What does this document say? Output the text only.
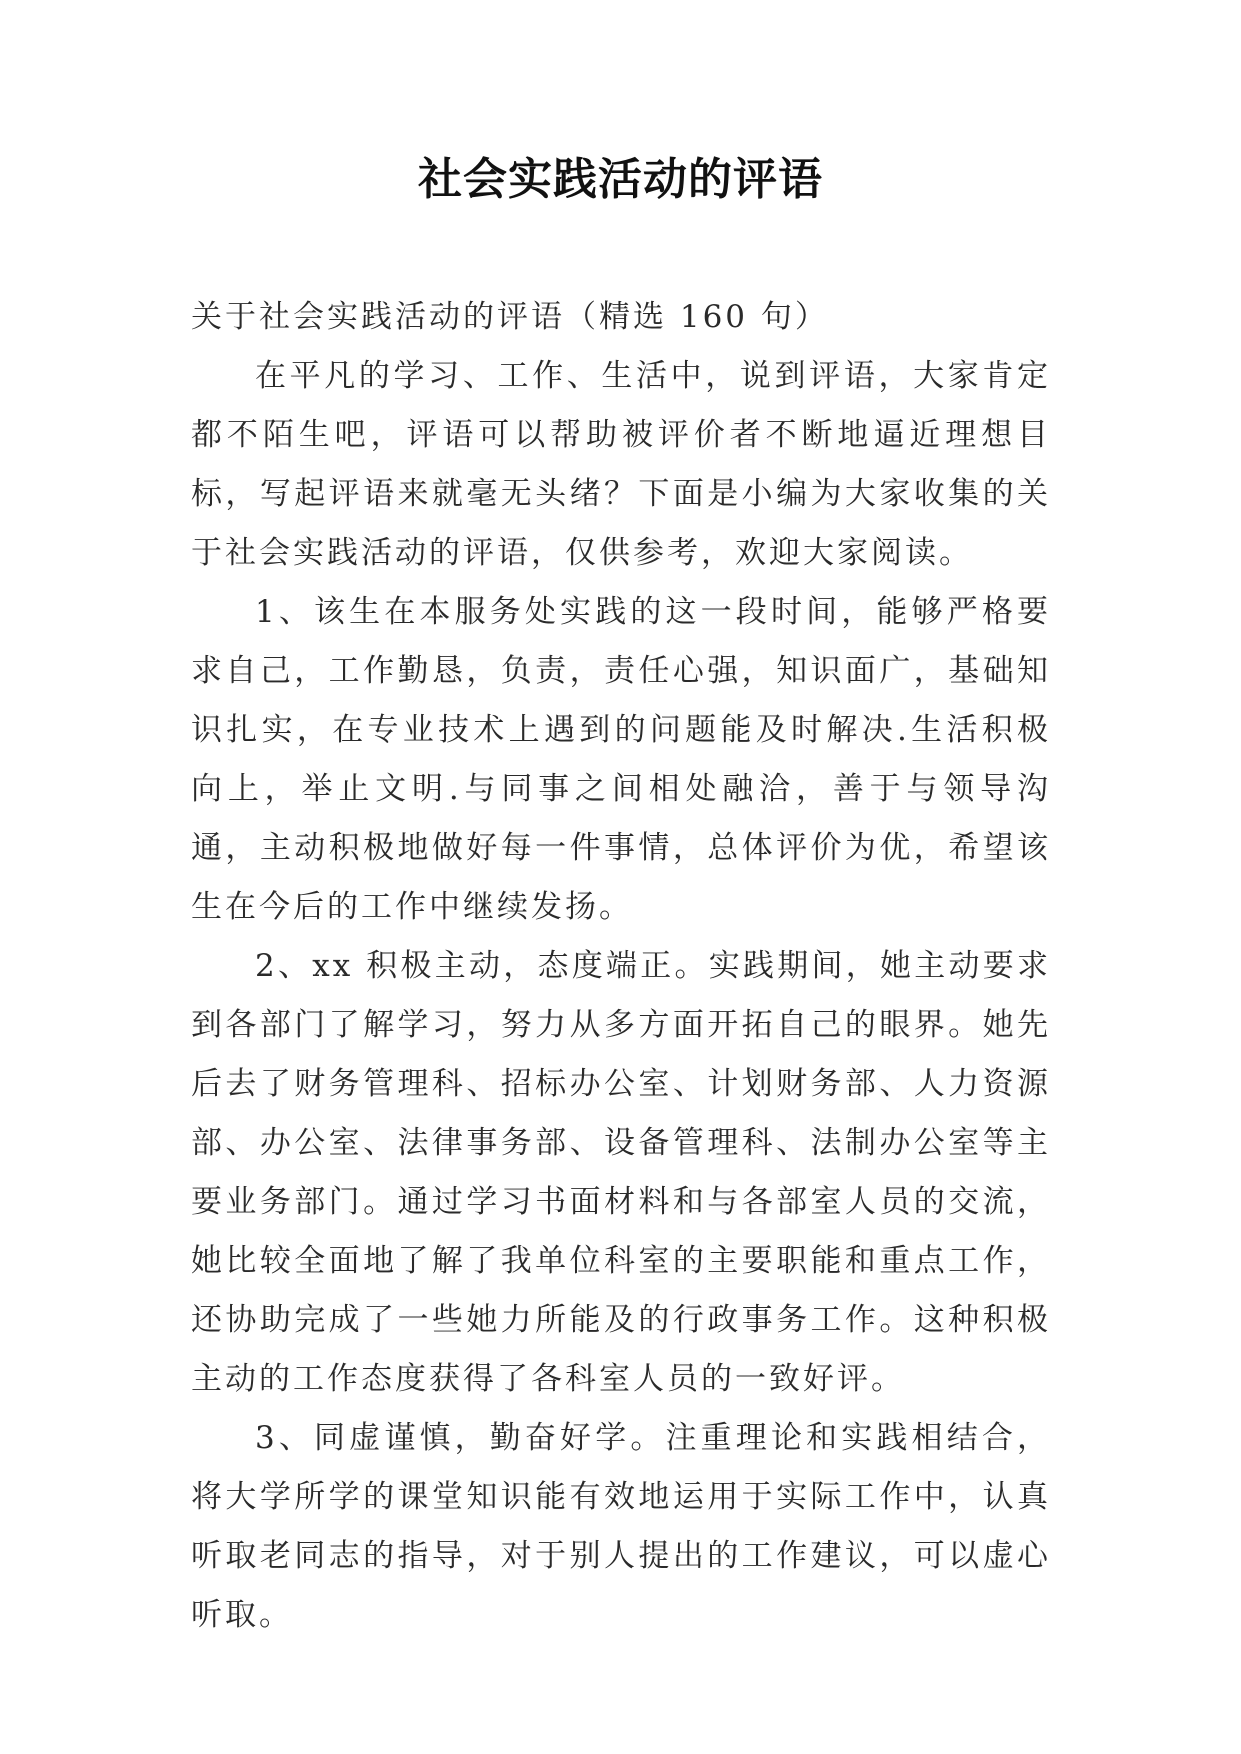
社会实践活动的评语

关于社会实践活动的评语（精选 160 句）

在平凡的学习、工作、生活中，说到评语，大家肯定都不陌生吧，评语可以帮助被评价者不断地逼近理想目标，写起评语来就毫无头绪？下面是小编为大家收集的关于社会实践活动的评语，仅供参考，欢迎大家阅读。

1、该生在本服务处实践的这一段时间，能够严格要求自己，工作勤恳，负责，责任心强，知识面广，基础知识扎实，在专业技术上遇到的问题能及时解决.生活积极向上，举止文明.与同事之间相处融洽，善于与领导沟通，主动积极地做好每一件事情，总体评价为优，希望该生在今后的工作中继续发扬。

2、xx 积极主动，态度端正。实践期间，她主动要求到各部门了解学习，努力从多方面开拓自己的眼界。她先后去了财务管理科、招标办公室、计划财务部、人力资源部、办公室、法律事务部、设备管理科、法制办公室等主要业务部门。通过学习书面材料和与各部室人员的交流，她比较全面地了解了我单位科室的主要职能和重点工作，还协助完成了一些她力所能及的行政事务工作。这种积极主动的工作态度获得了各科室人员的一致好评。

3、同虚谨慎，勤奋好学。注重理论和实践相结合，将大学所学的课堂知识能有效地运用于实际工作中，认真听取老同志的指导，对于别人提出的工作建议，可以虚心听取。
